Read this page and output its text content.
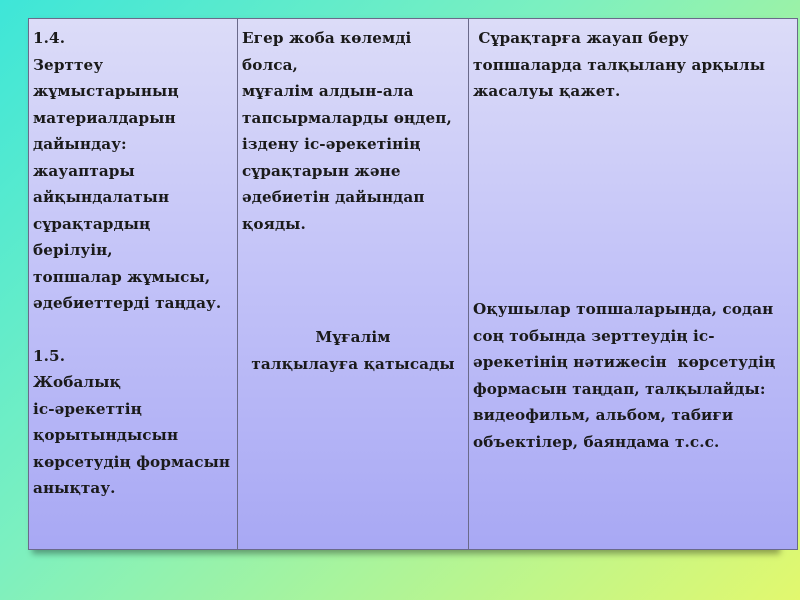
1.4.
Зерттеу
жұмыстарының
материалдарын
дайындау: жауаптары
айқындалатын
сұрақтардың берілуін,
топшалар жұмысы,
әдебиеттерді таңдау.
1.5.
Жобалық
іс-әрекеттің
қорытындысын
көрсетудің формасын
анықтау.

Егер жоба көлемді болса,
мұғалім алдын-ала
тапсырмаларды өңдеп,
іздену іс-әрекетінің
сұрақтарын және
әдебиетін дайындап
қояды.
Мұғалім
талқылауға қатысады

Сұрақтарға жауап беру
топшаларда талқылану арқылы
жасалуы қажет.
Оқушылар топшаларында, содан
соң тобында зерттеудің іс-
әрекетінің нәтижесін  көрсетудің
формасын таңдап, талқылайды:
видеофильм, альбом, табиғи
объектілер, баяндама т.с.с.
